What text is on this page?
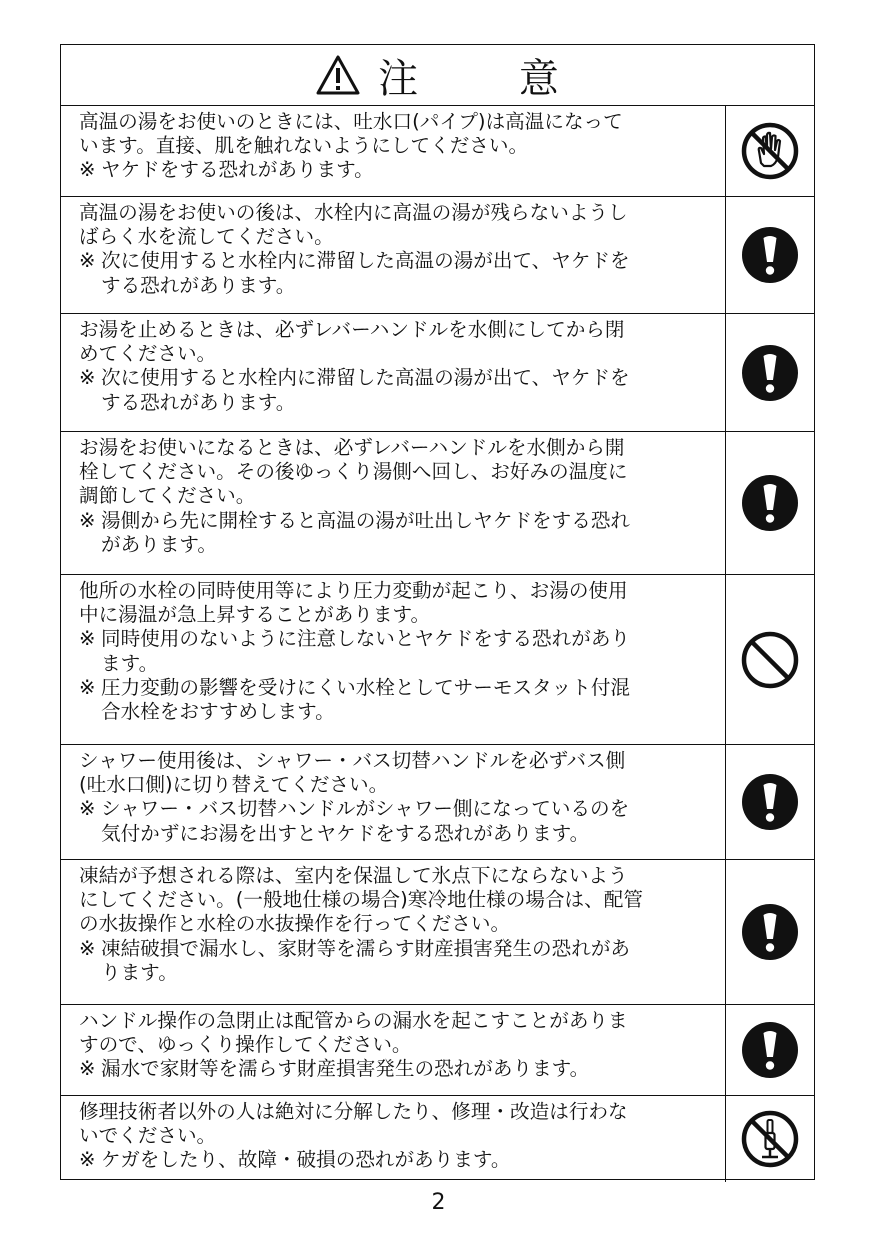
注 意
高温の湯をお使いのときには、吐水口(パイプ)は高温になって
います。直接、肌を触れないようにしてください。
※ ヤケドをする恐れがあります。
高温の湯をお使いの後は、水栓内に高温の湯が残らないようし
ばらく水を流してください。
※ 次に使用すると水栓内に滞留した高温の湯が出て、ヤケドを
する恐れがあります。
お湯を止めるときは、必ずレバーハンドルを水側にしてから閉
めてください。
※ 次に使用すると水栓内に滞留した高温の湯が出て、ヤケドを
する恐れがあります。
お湯をお使いになるときは、必ずレバーハンドルを水側から開
栓してください。その後ゆっくり湯側へ回し、お好みの温度に
調節してください。
※ 湯側から先に開栓すると高温の湯が吐出しヤケドをする恐れ
があります。
他所の水栓の同時使用等により圧力変動が起こり、お湯の使用
中に湯温が急上昇することがあります。
※ 同時使用のないように注意しないとヤケドをする恐れがあり
ます。
※ 圧力変動の影響を受けにくい水栓としてサーモスタット付混
合水栓をおすすめします。
シャワー使用後は、シャワー・バス切替ハンドルを必ずバス側
(吐水口側)に切り替えてください。
※ シャワー・バス切替ハンドルがシャワー側になっているのを
気付かずにお湯を出すとヤケドをする恐れがあります。
凍結が予想される際は、室内を保温して氷点下にならないよう
にしてください。(一般地仕様の場合)寒冷地仕様の場合は、配管
の水抜操作と水栓の水抜操作を行ってください。
※ 凍結破損で漏水し、家財等を濡らす財産損害発生の恐れがあ
ります。
ハンドル操作の急閉止は配管からの漏水を起こすことがありま
すので、ゆっくり操作してください。
※ 漏水で家財等を濡らす財産損害発生の恐れがあります。
修理技術者以外の人は絶対に分解したり、修理・改造は行わな
いでください。
※ ケガをしたり、故障・破損の恐れがあります。
2
